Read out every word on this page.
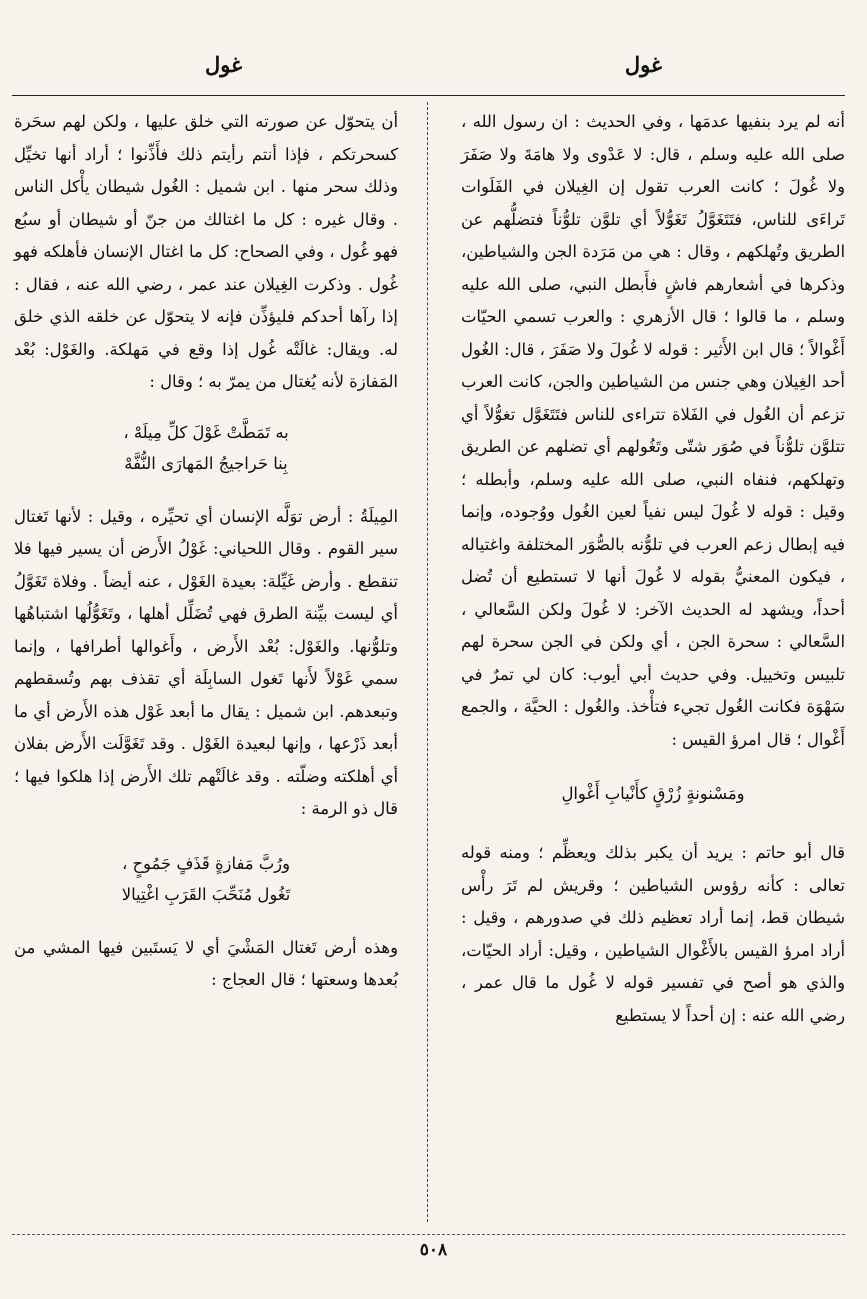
غول
غول

أنه لم يرد بنفيها عدمَها ، وفي الحديث : ان رسول الله ، صلى الله عليه وسلم ، قال: لا عَدْوى ولا هامَةَ ولا صَفَرَ ولا غُولَ ؛ كانت العرب تقول إن الغِيلان في الفَلَوات تَراءَى للناس، فتَتَغَوَّلُ تَغَوُّلاً أي تلوَّن تلوُّناً فتضلُّهم عن الطريق وتُهلكهم ، وقال : هي من مَرَدة الجن والشياطين، وذكرها في أشعارهم فاشٍ فأَبطل النبي، صلى الله عليه وسلم ، ما قالوا ؛ قال الأزهري : والعرب تسمي الحيّات أَغْوالاً ؛ قال ابن الأَثير : قوله لا غُولَ ولا صَفَرَ ، قال: الغُول أحد الغِيلان وهي جنس من الشياطين والجن، كانت العرب تزعم أن الغُول في الفَلاة تتراءى للناس فتَتَغَوَّل تغوُّلاً أي تتلوَّن تلوُّناً في صُوَر شتّى وتَغُولهم أي تضلهم عن الطريق وتهلكهم، فنفاه النبي، صلى الله عليه وسلم، وأبطله ؛ وقيل : قوله لا غُولَ ليس نفياً لعين الغُول ووُجوده، وإنما فيه إبطال زعم العرب في تلوُّنه بالصُّوَر المختلفة واغتياله ، فيكون المعنيُّ بقوله لا غُولَ أنها لا تستطيع أن تُضل أحداً، ويشهد له الحديث الآخر: لا غُولَ ولكن السَّعالي ، السَّعالي : سحرة الجن ، أي ولكن في الجن سحرة لهم تلبيس وتخييل. وفي حديث أبي أيوب: كان لي تمرٌ في سَهْوَة فكانت الغُول تجيء فتأْخذ. والغُول : الحيَّة ، والجمع أَغْوال ؛ قال امرؤ القيس :

ومَسْنونةٍ زُرْقٍ كأَنْيابِ أَغْوالِ

قال أبو حاتم : يريد أن يكبر بذلك ويعظِّم ؛ ومنه قوله تعالى : كأنه رؤوس الشياطين ؛ وقريش لم تَرَ رأْس شيطان قط، إنما أراد تعظيم ذلك في صدورهم ، وقيل : أراد امرؤ القيس بالأَغْوال الشياطين ، وقيل: أراد الحيّات، والذي هو أصح في تفسير قوله لا غُول ما قال عمر ، رضي الله عنه : إن أحداً لا يستطيع

أن يتحوّل عن صورته التي خلق عليها ، ولكن لهم سحَرة كسحرتكم ، فإذا أنتم رأيتم ذلك فأَذِّنوا ؛ أراد أنها تخيِّل وذلك سحر منها . ابن شميل : الغُول شيطان يأْكل الناس . وقال غيره : كل ما اغتالك من جنّ أو شيطان أو سبُع فهو غُول ، وفي الصحاح: كل ما اغتال الإنسان فأهلكه فهو غُول . وذكرت الغِيلان عند عمر ، رضي الله عنه ، فقال : إذا رآها أحدكم فليؤذِّن فإنه لا يتحوّل عن خلقه الذي خلق له. ويقال: غالَتْه غُول إذا وقع في مَهلكة. والغَوْل: بُعْد المَفازة لأنه يُغتال من يمرّ به ؛ وقال :

به تَمَطَّتْ غَوْلَ كلِّ مِيلَهْ ،
بِنا حَراجيجُ المَهارَى النُّفَّهْ

المِيلَةُ : أرض توَلَّه الإنسان أي تحيِّره ، وقيل : لأنها تَغتال سير القوم . وقال اللحياني: غَوْلُ الأَرض أن يسير فيها فلا تنقطع . وأرض غَيِّلة: بعيدة الغَوْل ، عنه أيضاً . وفلاة تَغَوَّلُ أي ليست بيِّنة الطرق فهي تُضَلِّل أهلها ، وتَغَوُّلُها اشتباهُها وتلوُّنها. والغَوْل: بُعْد الأَرض ، وأَغوالها أطرافها ، وإنما سمي غَوْلاً لأَنها تَغول السابِلَة أي تقذف بهم وتُسقطهم وتبعدهم. ابن شميل : يقال ما أبعد غَوْل هذه الأَرض أي ما أبعد ذَرْعها ، وإنها لبعيدة الغَوْل . وقد تَغَوَّلَت الأَرض بفلان أي أهلكته وضلّته . وقد غالَتْهم تلك الأَرض إذا هلكوا فيها ؛ قال ذو الرمة :

ورُبَّ مَفازةٍ قَذَفٍ جَمُوحٍ ،
تَغُول مُنَحِّبَ القَرَبِ اغْتِيالا

وهذه أرض تَغتال المَشْيَ أي لا يَستَبين فيها المشي من بُعدها وسعتها ؛ قال العجاج :

٥٠٨
